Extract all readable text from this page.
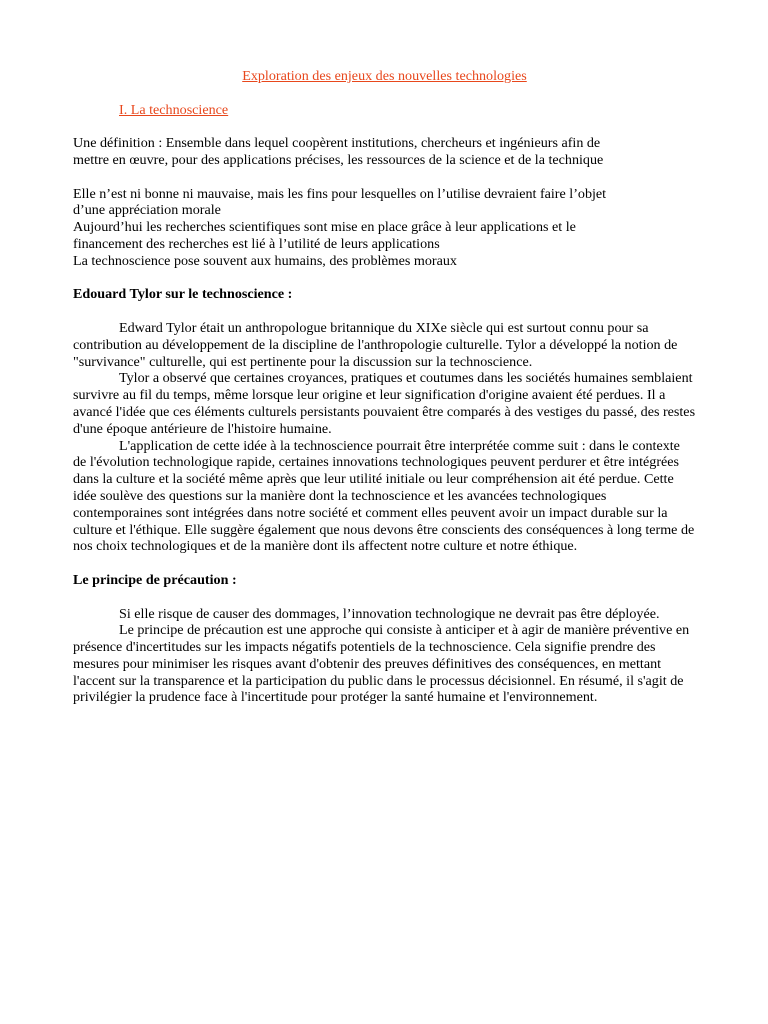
Exploration des enjeux des nouvelles technologies

I. La technoscience

Une définition : Ensemble dans lequel coopèrent institutions, chercheurs et ingénieurs afin de

mettre en œuvre, pour des applications précises, les ressources de la science et de la technique

Elle n’est ni bonne ni mauvaise, mais les fins pour lesquelles on l’utilise devraient faire l’objet

d’une appréciation morale

Aujourd’hui les recherches scientifiques sont mise en place grâce à leur applications et le

financement des recherches est lié à l’utilité de leurs applications

La technoscience pose souvent aux humains, des problèmes moraux

Edouard Tylor sur le technoscience :

Edward Tylor était un anthropologue britannique du XIXe siècle qui est surtout connu pour sa contribution au développement de la discipline de l'anthropologie culturelle. Tylor a développé la notion de "survivance" culturelle, qui est pertinente pour la discussion sur la technoscience.

Tylor a observé que certaines croyances, pratiques et coutumes dans les sociétés humaines semblaient survivre au fil du temps, même lorsque leur origine et leur signification d'origine avaient été perdues. Il a avancé l'idée que ces éléments culturels persistants pouvaient être comparés à des vestiges du passé, des restes d'une époque antérieure de l'histoire humaine.

L'application de cette idée à la technoscience pourrait être interprétée comme suit : dans le contexte de l'évolution technologique rapide, certaines innovations technologiques peuvent perdurer et être intégrées dans la culture et la société même après que leur utilité initiale ou leur compréhension ait été perdue. Cette idée soulève des questions sur la manière dont la technoscience et les avancées technologiques contemporaines sont intégrées dans notre société et comment elles peuvent avoir un impact durable sur la culture et l'éthique. Elle suggère également que nous devons être conscients des conséquences à long terme de nos choix technologiques et de la manière dont ils affectent notre culture et notre éthique.

Le principe de précaution :

Si elle risque de causer des dommages, l’innovation technologique ne devrait pas être déployée.

Le principe de précaution est une approche qui consiste à anticiper et à agir de manière préventive en présence d'incertitudes sur les impacts négatifs potentiels de la technoscience. Cela signifie prendre des mesures pour minimiser les risques avant d'obtenir des preuves définitives des conséquences, en mettant l'accent sur la transparence et la participation du public dans le processus décisionnel. En résumé, il s'agit de privilégier la prudence face à l'incertitude pour protéger la santé humaine et l'environnement.
